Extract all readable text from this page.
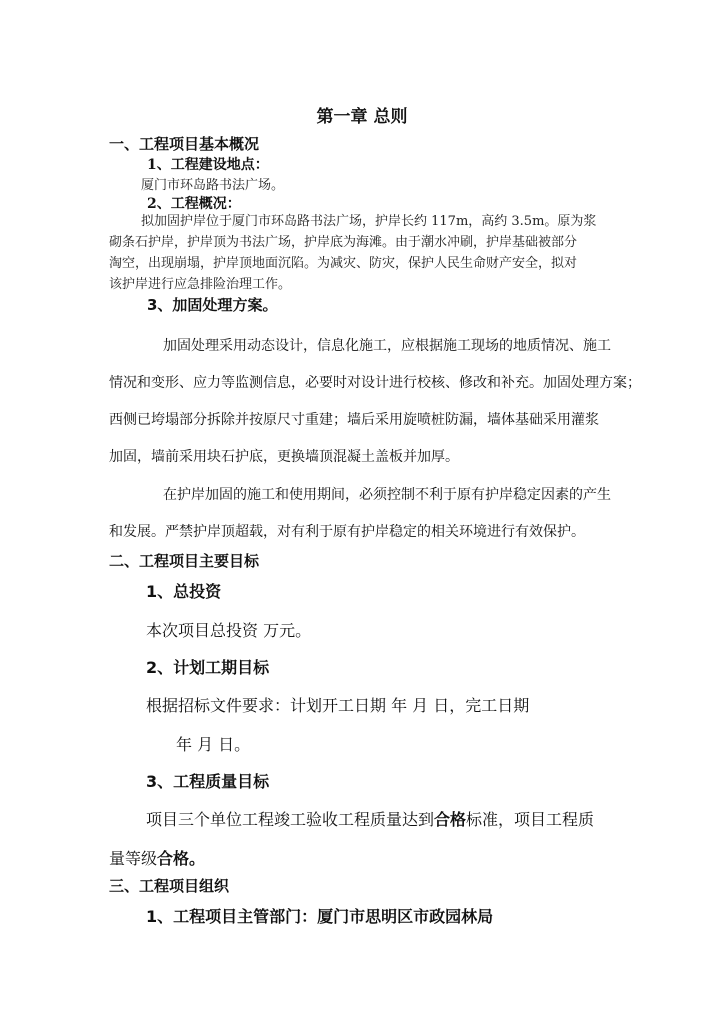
第一章 总则
一、工程项目基本概况
1、工程建设地点：
厦门市环岛路书法广场。
2、工程概况：
拟加固护岸位于厦门市环岛路书法广场，护岸长约 117m，高约 3.5m。原为浆
砌条石护岸，护岸顶为书法广场，护岸底为海滩。由于潮水冲刷，护岸基础被部分
淘空，出现崩塌，护岸顶地面沉陷。为减灾、防灾，保护人民生命财产安全，拟对
该护岸进行应急排险治理工作。
3、加固处理方案。
加固处理采用动态设计，信息化施工，应根据施工现场的地质情况、施工
情况和变形、应力等监测信息，必要时对设计进行校核、修改和补充。加固处理方案；
西侧已垮塌部分拆除并按原尺寸重建；墙后采用旋喷桩防漏，墙体基础采用灌浆
加固，墙前采用块石护底，更换墙顶混凝土盖板并加厚。
在护岸加固的施工和使用期间，必须控制不利于原有护岸稳定因素的产生
和发展。严禁护岸顶超载，对有利于原有护岸稳定的相关环境进行有效保护。
二、工程项目主要目标
1、总投资
本次项目总投资 万元。
2、计划工期目标
根据招标文件要求：计划开工日期 年 月 日，完工日期
年 月 日。
3、工程质量目标
项目三个单位工程竣工验收工程质量达到合格标准，项目工程质
量等级合格。
三、工程项目组织
1、工程项目主管部门：厦门市思明区市政园林局
